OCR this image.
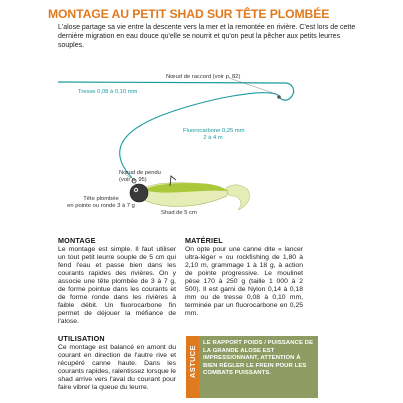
MONTAGE AU PETIT SHAD SUR TÊTE PLOMBÉE
L'alose partage sa vie entre la descente vers la mer et la remontée en rivière. C'est lors de cette dernière migration en eau douce qu'elle se nourrit et qu'on peut la pêcher aux petits leurres souples.
Nœud de raccord (voir p. 82)
Tresse 0,08 à 0,10 mm
Fluorocarbone 0,25 mm
2 à 4 m
Nœud de pendu
(voir p. 95)
Tête plombée
en pointe ou ronde 3 à 7 g
Shad de 5 cm
MONTAGE

Le montage est simple. Il faut utiliser un tout petit leurre souple de 5 cm qui fend l'eau et passe bien dans les courants rapides des rivières. On y associe une tête plombée de 3 à 7 g, de forme pointue dans les courants et de forme ronde dans les rivières à faible débit. Un fluorocarbone fin permet de déjouer la méfiance de l'alose.

UTILISATION

Ce montage est balancé en amont du courant en direction de l'autre rive et récupéré canne haute. Dans les courants rapides, ralentissez lorsque le shad arrive vers l'aval du courant pour faire vibrer la queue du leurre.

MATÉRIEL

On opte pour une canne dite « lancer ultra-léger » ou rockfishing de 1,80 à 2,10 m, grammage 1 à 18 g, à action de pointe progressive. Le moulinet pèse 170 à 250 g (taille 1 000 à 2 500). Il est garni de Nylon 0,14 à 0,18 mm ou de tresse 0,08 à 0,10 mm, terminée par un fluorocarbone en 0,25 mm.

ASTUCE
LE RAPPORT POIDS / PUISSANCE DE LA GRANDE ALOSE EST IMPRESSIONNANT, ATTENTION À BIEN RÉGLER LE FREIN POUR LES COMBATS PUISSANTS.
